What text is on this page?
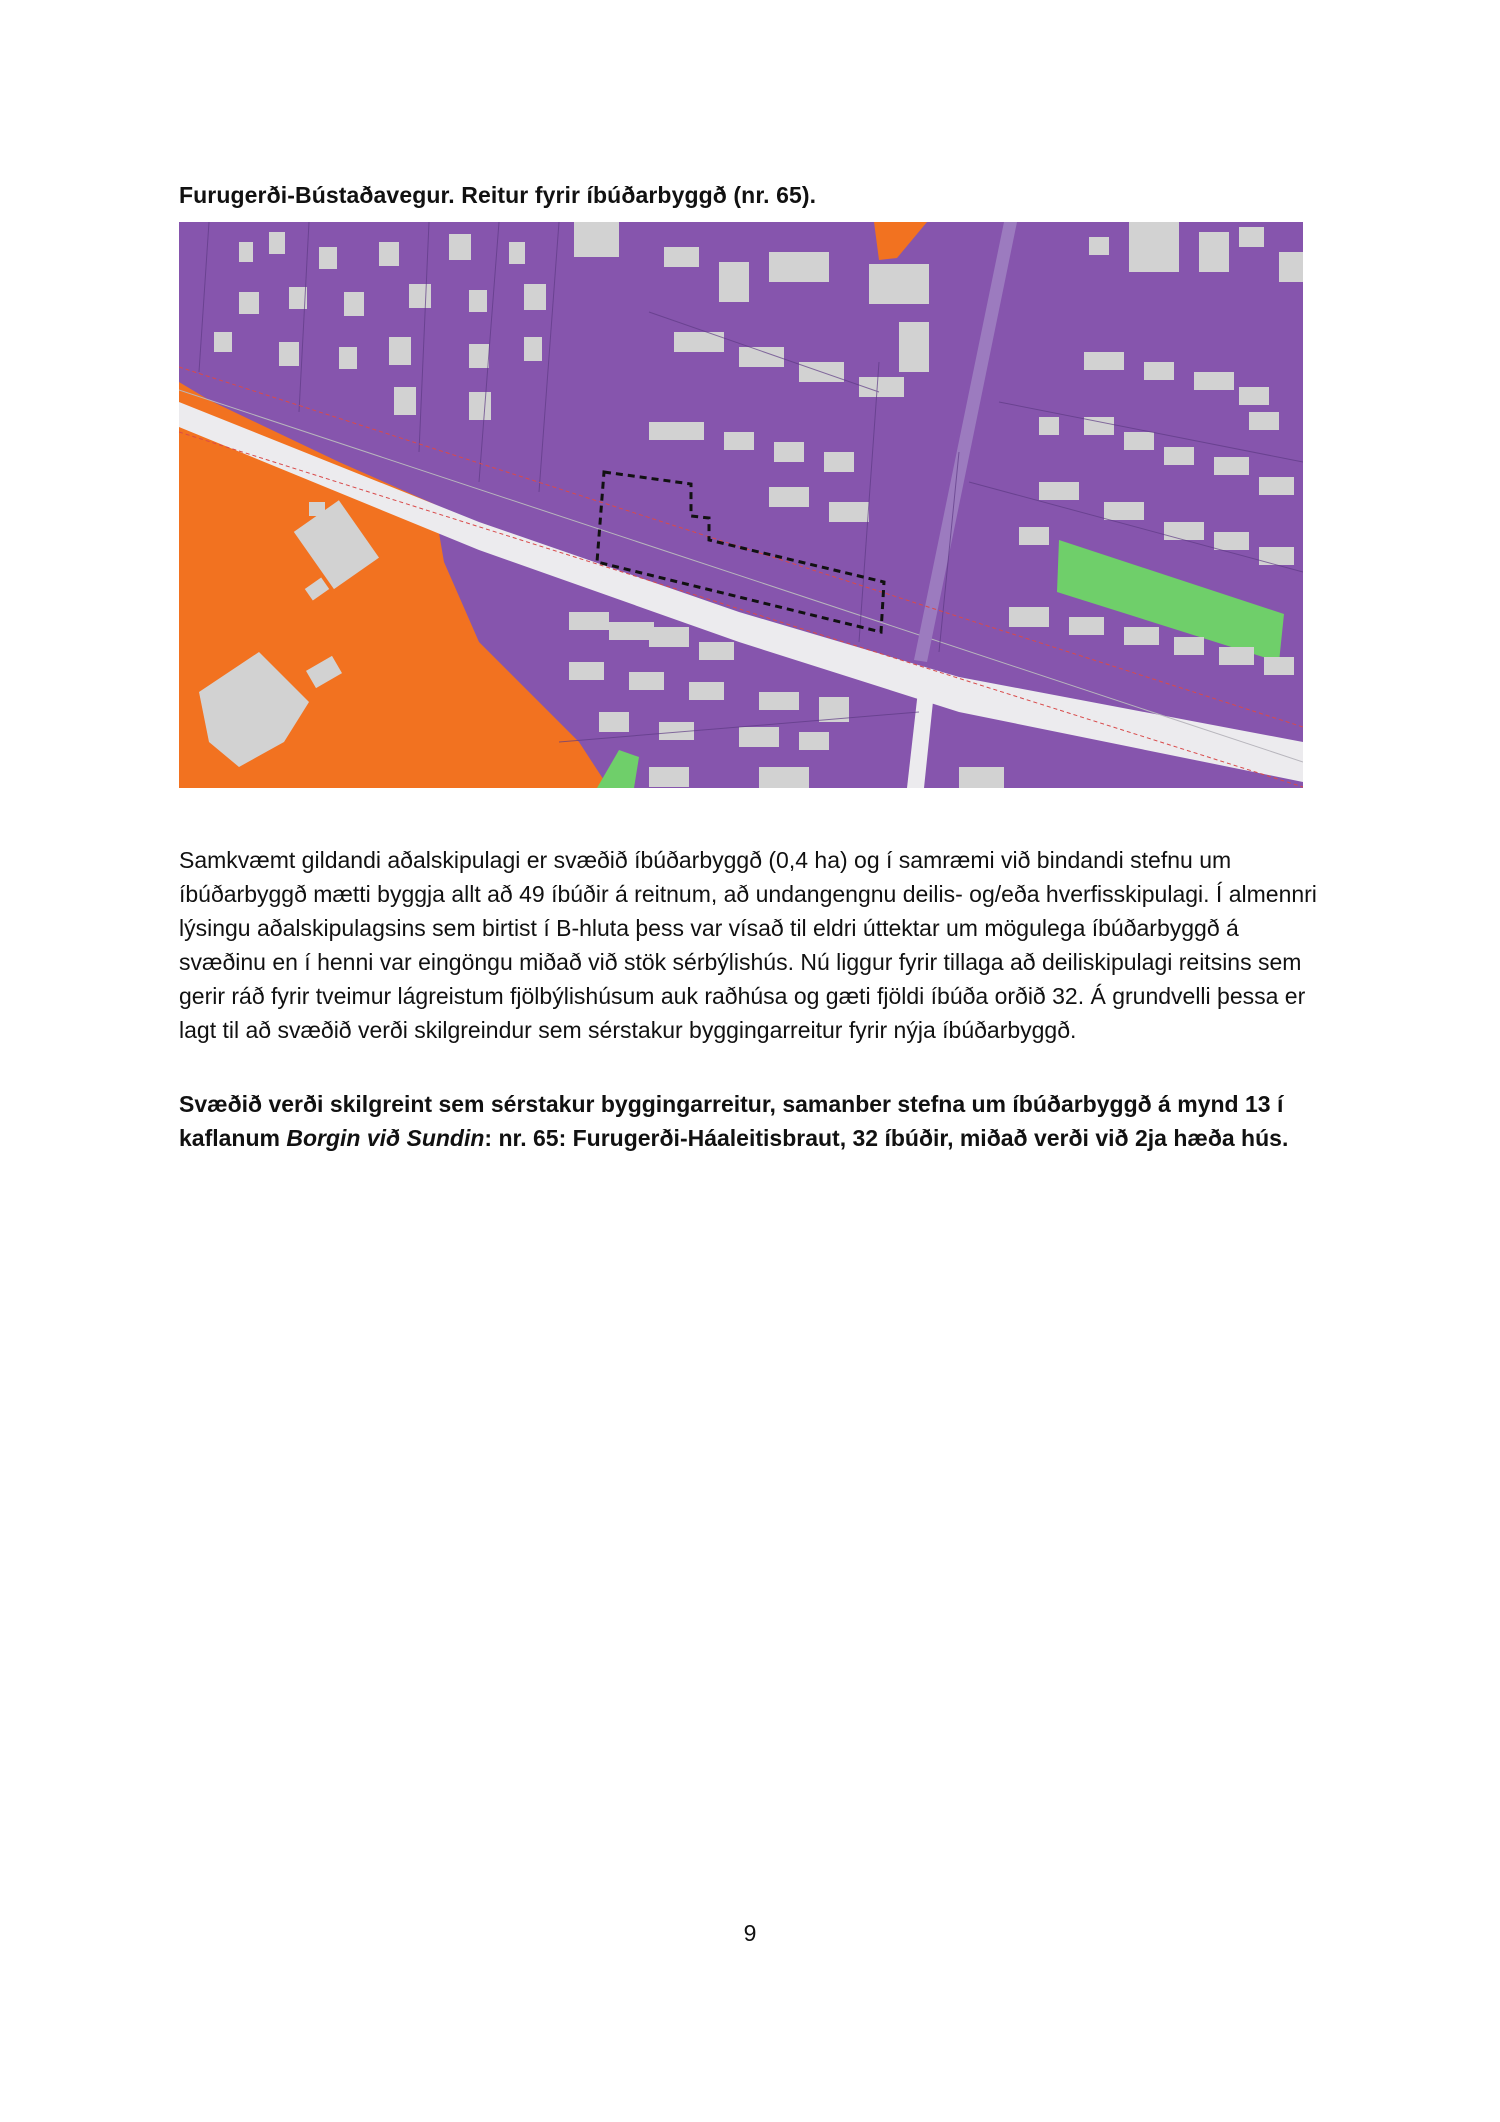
Furugerði-Bústaðavegur. Reitur fyrir íbúðarbyggð (nr. 65).

Samkvæmt gildandi aðalskipulagi er svæðið íbúðarbyggð (0,4 ha) og í samræmi við bindandi stefnu um íbúðarbyggð mætti byggja allt að 49 íbúðir á reitnum, að undangengnu deilis- og/eða hverfisskipulagi. Í almennri lýsingu aðalskipulagsins sem birtist í B-hluta þess var vísað til eldri úttektar um mögulega íbúðarbyggð á svæðinu en í henni var eingöngu miðað við stök sérbýlishús. Nú liggur fyrir tillaga að deiliskipulagi reitsins sem gerir ráð fyrir tveimur lágreistum fjölbýlishúsum auk raðhúsa og gæti fjöldi íbúða orðið 32. Á grundvelli þessa er lagt til að svæðið verði skilgreindur sem sérstakur byggingarreitur fyrir nýja íbúðarbyggð.

Svæðið verði skilgreint sem sérstakur byggingarreitur, samanber stefna um íbúðarbyggð á mynd 13 í kaflanum Borgin við Sundin: nr. 65: Furugerði-Háaleitisbraut, 32 íbúðir, miðað verði við 2ja hæða hús.

9
